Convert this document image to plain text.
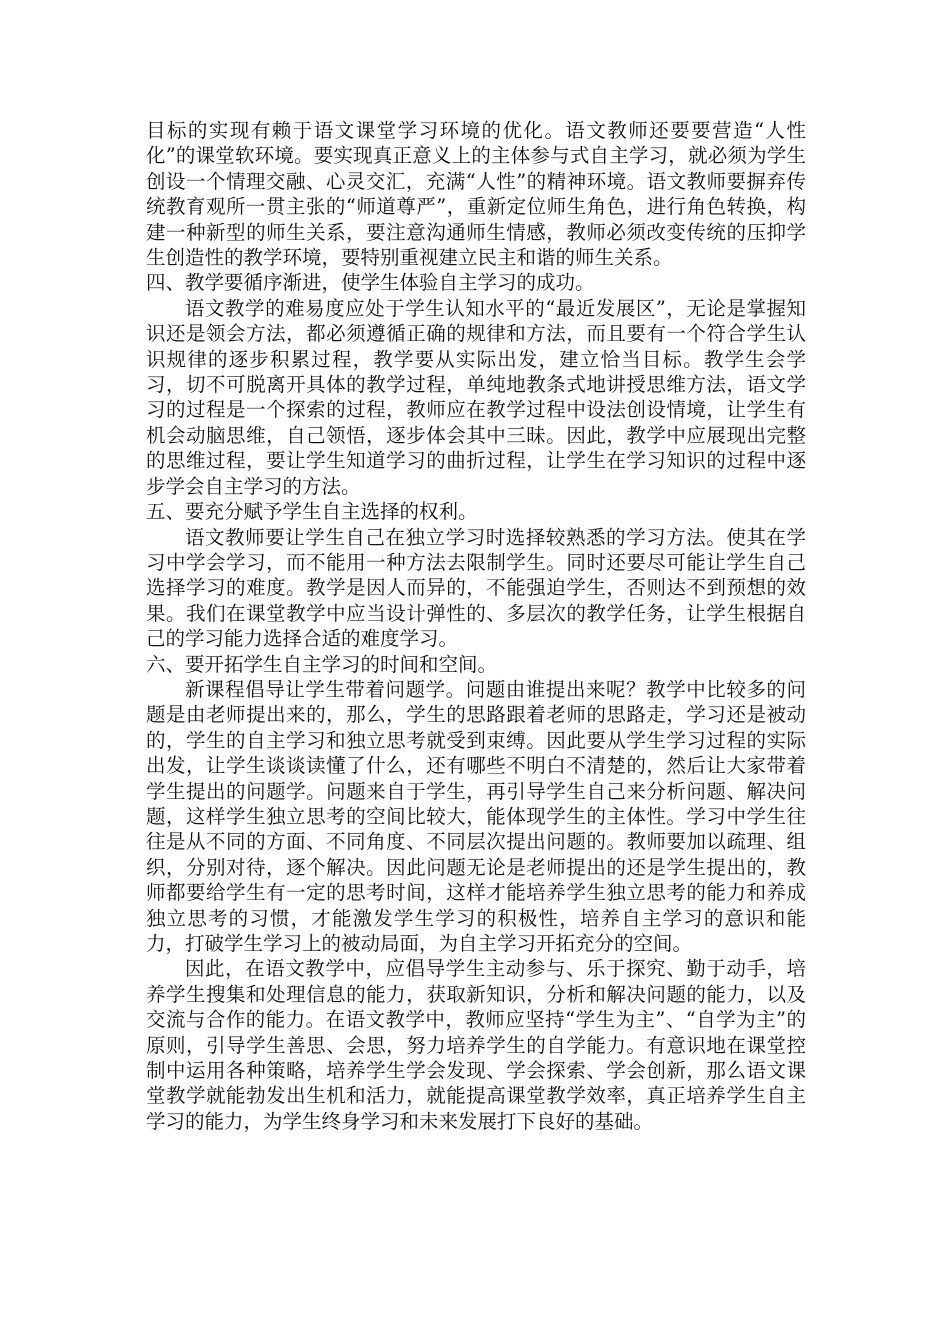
目标的实现有赖于语文课堂学习环境的优化。语文教师还要要营造“人性化”的课堂软环境。要实现真正意义上的主体参与式自主学习，就必须为学生创设一个情理交融、心灵交汇，充满“人性”的精神环境。语文教师要摒弃传统教育观所一贯主张的“师道尊严”，重新定位师生角色，进行角色转换，构建一种新型的师生关系，要注意沟通师生情感，教师必须改变传统的压抑学生创造性的教学环境，要特别重视建立民主和谐的师生关系。

四、教学要循序渐进，使学生体验自主学习的成功。

语文教学的难易度应处于学生认知水平的“最近发展区”，无论是掌握知识还是领会方法，都必须遵循正确的规律和方法，而且要有一个符合学生认识规律的逐步积累过程，教学要从实际出发，建立恰当目标。教学生会学习，切不可脱离开具体的教学过程，单纯地教条式地讲授思维方法，语文学习的过程是一个探索的过程，教师应在教学过程中设法创设情境，让学生有机会动脑思维，自己领悟，逐步体会其中三昧。因此，教学中应展现出完整的思维过程，要让学生知道学习的曲折过程，让学生在学习知识的过程中逐步学会自主学习的方法。

五、要充分赋予学生自主选择的权利。

语文教师要让学生自己在独立学习时选择较熟悉的学习方法。使其在学习中学会学习，而不能用一种方法去限制学生。同时还要尽可能让学生自己选择学习的难度。教学是因人而异的，不能强迫学生，否则达不到预想的效果。我们在课堂教学中应当设计弹性的、多层次的教学任务，让学生根据自己的学习能力选择合适的难度学习。

六、要开拓学生自主学习的时间和空间。

新课程倡导让学生带着问题学。问题由谁提出来呢？教学中比较多的问题是由老师提出来的，那么，学生的思路跟着老师的思路走，学习还是被动的，学生的自主学习和独立思考就受到束缚。因此要从学生学习过程的实际出发，让学生谈谈读懂了什么，还有哪些不明白不清楚的，然后让大家带着学生提出的问题学。问题来自于学生，再引导学生自己来分析问题、解决问题，这样学生独立思考的空间比较大，能体现学生的主体性。学习中学生往往是从不同的方面、不同角度、不同层次提出问题的。教师要加以疏理、组织，分别对待，逐个解决。因此问题无论是老师提出的还是学生提出的，教师都要给学生有一定的思考时间，这样才能培养学生独立思考的能力和养成独立思考的习惯，才能激发学生学习的积极性，培养自主学习的意识和能力，打破学生学习上的被动局面，为自主学习开拓充分的空间。

因此，在语文教学中，应倡导学生主动参与、乐于探究、勤于动手，培养学生搜集和处理信息的能力，获取新知识，分析和解决问题的能力，以及交流与合作的能力。在语文教学中，教师应坚持“学生为主”、“自学为主”的原则，引导学生善思、会思，努力培养学生的自学能力。有意识地在课堂控制中运用各种策略，培养学生学会发现、学会探索、学会创新，那么语文课堂教学就能勃发出生机和活力，就能提高课堂教学效率，真正培养学生自主学习的能力，为学生终身学习和未来发展打下良好的基础。
